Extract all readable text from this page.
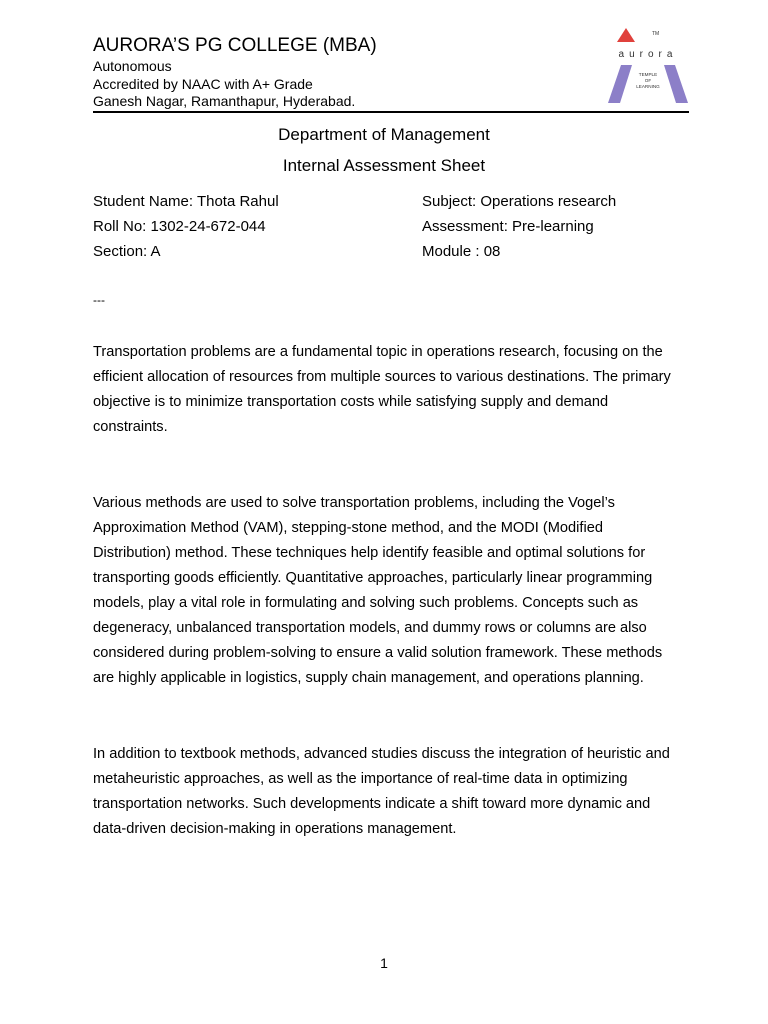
AURORA’S PG COLLEGE (MBA)

Autonomous

Accredited by NAAC with A+ Grade

Ganesh Nagar, Ramanthapur, Hyderabad.

TM
aurora
TEMPLE
OF
LEARNING
Department of Management
Internal Assessment Sheet
Student Name: Thota Rahul
Roll No: 1302-24-672-044
Section: A
Subject: Operations research
Assessment: Pre-learning
Module : 08
---

Transportation problems are a fundamental topic in operations research, focusing on the efficient allocation of resources from multiple sources to various destinations. The primary objective is to minimize transportation costs while satisfying supply and demand constraints.

Various methods are used to solve transportation problems, including the Vogel’s Approximation Method (VAM), stepping-stone method, and the MODI (Modified Distribution) method. These techniques help identify feasible and optimal solutions for transporting goods efficiently. Quantitative approaches, particularly linear programming models, play a vital role in formulating and solving such problems. Concepts such as degeneracy, unbalanced transportation models, and dummy rows or columns are also considered during problem-solving to ensure a valid solution framework. These methods are highly applicable in logistics, supply chain management, and operations planning.

In addition to textbook methods, advanced studies discuss the integration of heuristic and metaheuristic approaches, as well as the importance of real-time data in optimizing transportation networks. Such developments indicate a shift toward more dynamic and data-driven decision-making in operations management.

1
